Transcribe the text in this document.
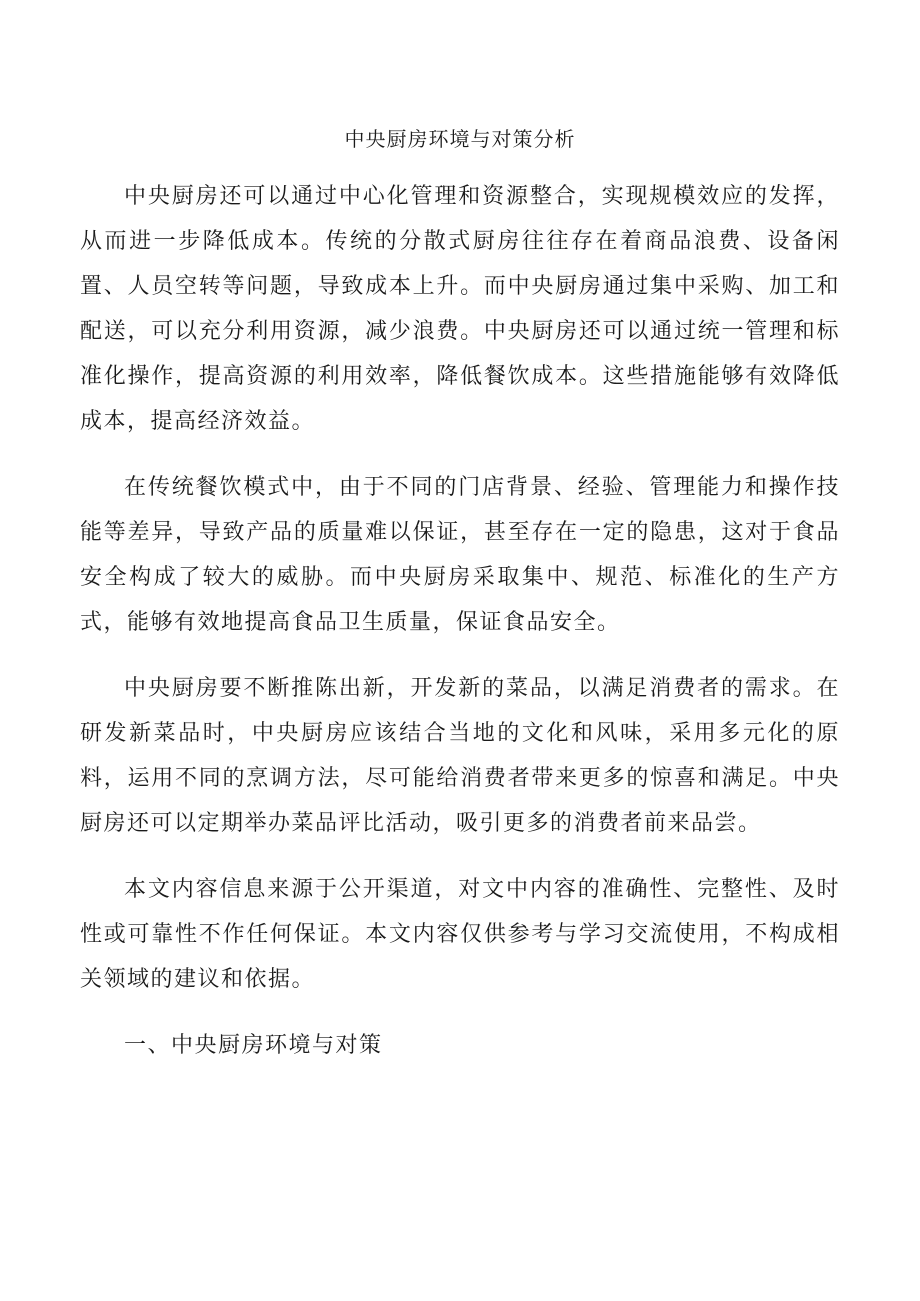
中央厨房环境与对策分析

中央厨房还可以通过中心化管理和资源整合，实现规模效应的发挥，从而进一步降低成本。传统的分散式厨房往往存在着商品浪费、设备闲置、人员空转等问题，导致成本上升。而中央厨房通过集中采购、加工和配送，可以充分利用资源，减少浪费。中央厨房还可以通过统一管理和标准化操作，提高资源的利用效率，降低餐饮成本。这些措施能够有效降低成本，提高经济效益。

在传统餐饮模式中，由于不同的门店背景、经验、管理能力和操作技能等差异，导致产品的质量难以保证，甚至存在一定的隐患，这对于食品安全构成了较大的威胁。而中央厨房采取集中、规范、标准化的生产方式，能够有效地提高食品卫生质量，保证食品安全。

中央厨房要不断推陈出新，开发新的菜品，以满足消费者的需求。在研发新菜品时，中央厨房应该结合当地的文化和风味，采用多元化的原料，运用不同的烹调方法，尽可能给消费者带来更多的惊喜和满足。中央厨房还可以定期举办菜品评比活动，吸引更多的消费者前来品尝。

本文内容信息来源于公开渠道，对文中内容的准确性、完整性、及时性或可靠性不作任何保证。本文内容仅供参考与学习交流使用，不构成相关领域的建议和依据。

一、中央厨房环境与对策
